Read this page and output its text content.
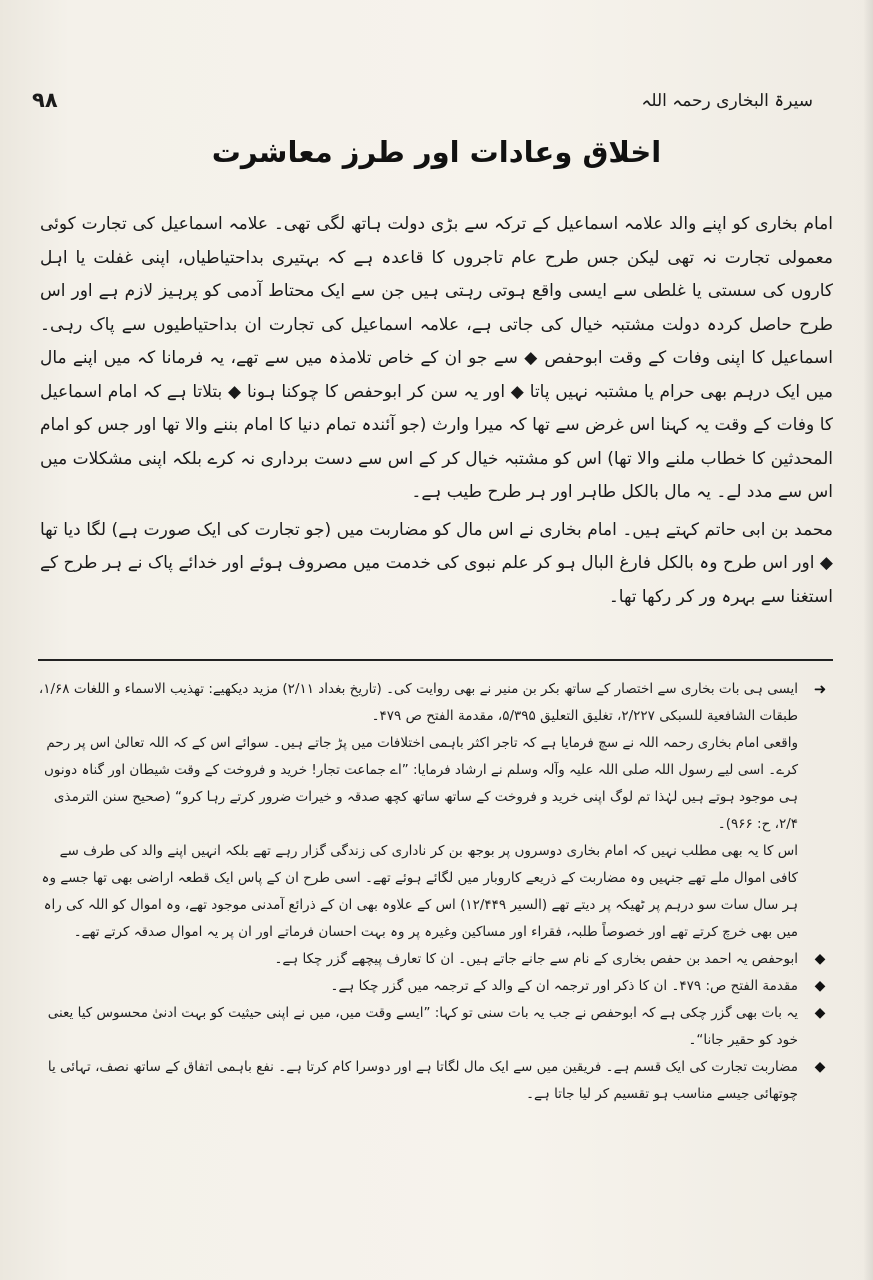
۹۸	سیرۃ البخاری رحمہ اللہ
اخلاق وعادات اور طرز معاشرت

امام بخاری کو اپنے والد علامہ اسماعیل کے ترکہ سے بڑی دولت ہاتھ لگی تھی۔ علامہ اسماعیل کی تجارت کوئی معمولی تجارت نہ تھی لیکن جس طرح عام تاجروں کا قاعدہ ہے کہ بہتیری بداحتیاطیاں، اپنی غفلت یا اہل کاروں کی سستی یا غلطی سے ایسی واقع ہوتی رہتی ہیں جن سے ایک محتاط آدمی کو پرہیز لازم ہے اور اس طرح حاصل کردہ دولت مشتبہ خیال کی جاتی ہے، علامہ اسماعیل کی تجارت ان بداحتیاطیوں سے پاک رہی۔ اسماعیل کا اپنی وفات کے وقت ابوحفص ◆ سے جو ان کے خاص تلامذہ میں سے تھے، یہ فرمانا کہ میں اپنے مال میں ایک درہم بھی حرام یا مشتبہ نہیں پاتا ◆ اور یہ سن کر ابوحفص کا چوکنا ہونا ◆ بتلاتا ہے کہ امام اسماعیل کا وفات کے وقت یہ کہنا اس غرض سے تھا کہ میرا وارث (جو آئندہ تمام دنیا کا امام بننے والا تھا اور جس کو امام المحدثین کا خطاب ملنے والا تھا) اس کو مشتبہ خیال کر کے اس سے دست برداری نہ کرے بلکہ اپنی مشکلات میں اس سے مدد لے۔ یہ مال بالکل طاہر اور ہر طرح طیب ہے۔

محمد بن ابی حاتم کہتے ہیں۔ امام بخاری نے اس مال کو مضاربت میں (جو تجارت کی ایک صورت ہے) لگا دیا تھا ◆ اور اس طرح وہ بالکل فارغ البال ہو کر علم نبوی کی خدمت میں مصروف ہوئے اور خدائے پاک نے ہر طرح کے استغنا سے بہرہ ور کر رکھا تھا۔

➜
ایسی ہی بات بخاری سے اختصار کے ساتھ بکر بن منیر نے بھی روایت کی۔ (تاریخ بغداد ۲/۱۱) مزید دیکھیے: تهذیب الاسماء و اللغات ۱/۶۸، طبقات الشافعیة للسبکی ۲/۲۲۷، تغلیق التعلیق ۵/۳۹۵، مقدمة الفتح ص ۴۷۹۔
واقعی امام بخاری رحمہ اللہ نے سچ فرمایا ہے کہ تاجر اکثر باہمی اختلافات میں پڑ جاتے ہیں۔ سوائے اس کے کہ اللہ تعالیٰ اس پر رحم کرے۔ اسی لیے رسول اللہ صلی اللہ علیہ وآلہ وسلم نے ارشاد فرمایا: ”اے جماعت تجار! خرید و فروخت کے وقت شیطان اور گناہ دونوں ہی موجود ہوتے ہیں لہٰذا تم لوگ اپنی خرید و فروخت کے ساتھ ساتھ کچھ صدقہ و خیرات ضرور کرتے رہا کرو“ (صحیح سنن الترمذی ۲/۴، ح: ۹۶۶)۔
اس کا یہ بھی مطلب نہیں کہ امام بخاری دوسروں پر بوجھ بن کر ناداری کی زندگی گزار رہے تھے بلکہ انہیں اپنے والد کی طرف سے کافی اموال ملے تھے جنہیں وہ مضاربت کے ذریعے کاروبار میں لگائے ہوئے تھے۔ اسی طرح ان کے پاس ایک قطعہ اراضی بھی تھا جسے وہ ہر سال سات سو درہم پر ٹھیکہ پر دیتے تھے (السیر ۱۲/۴۴۹) اس کے علاوہ بھی ان کے ذرائع آمدنی موجود تھے، وہ اموال کو اللہ کی راہ میں بھی خرچ کرتے تھے اور خصوصاً طلبہ، فقراء اور مساکین وغیرہ پر وہ بہت احسان فرماتے اور ان پر یہ اموال صدقہ کرتے تھے۔
◆
ابوحفص یہ احمد بن حفص بخاری کے نام سے جانے جاتے ہیں۔ ان کا تعارف پیچھے گزر چکا ہے۔
◆
مقدمة الفتح ص: ۴۷۹۔ ان کا ذکر اور ترجمہ ان کے والد کے ترجمہ میں گزر چکا ہے۔
◆
یہ بات بھی گزر چکی ہے کہ ابوحفص نے جب یہ بات سنی تو کہا: ”ایسے وقت میں، میں نے اپنی حیثیت کو بہت ادنیٰ محسوس کیا یعنی خود کو حقیر جانا“۔
◆
مضاربت تجارت کی ایک قسم ہے۔ فریقین میں سے ایک مال لگاتا ہے اور دوسرا کام کرتا ہے۔ نفع باہمی اتفاق کے ساتھ نصف، تہائی یا چوتھائی جیسے مناسب ہو تقسیم کر لیا جاتا ہے۔
